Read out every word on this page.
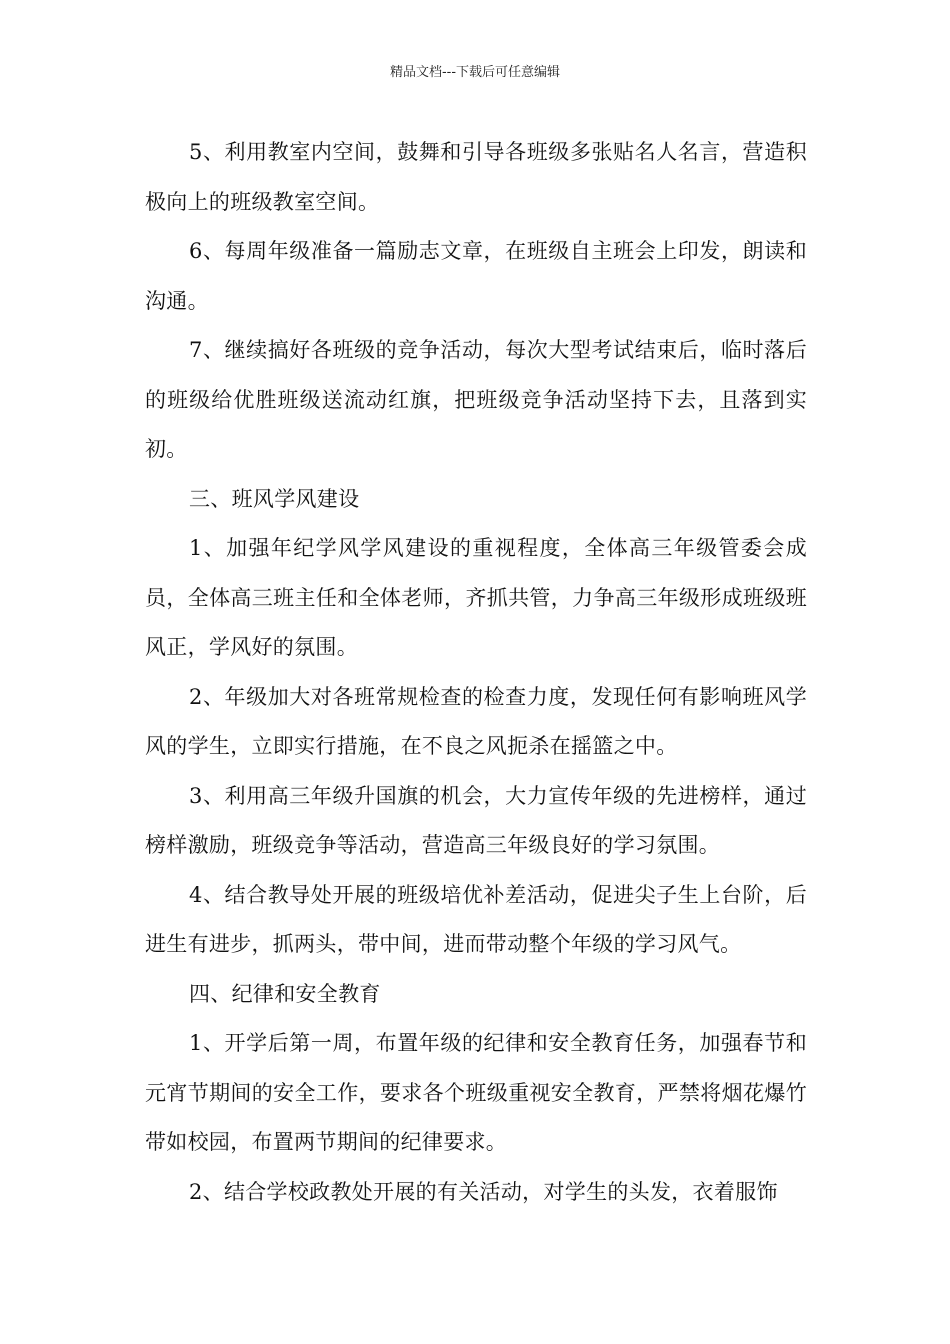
精品文档---下载后可任意编辑

5、利用教室内空间，鼓舞和引导各班级多张贴名人名言，营造积极向上的班级教室空间。

6、每周年级准备一篇励志文章，在班级自主班会上印发，朗读和沟通。

7、继续搞好各班级的竞争活动，每次大型考试结束后，临时落后的班级给优胜班级送流动红旗，把班级竞争活动坚持下去，且落到实初。

三、班风学风建设

1、加强年纪学风学风建设的重视程度，全体高三年级管委会成员，全体高三班主任和全体老师，齐抓共管，力争高三年级形成班级班风正，学风好的氛围。

2、年级加大对各班常规检查的检查力度，发现任何有影响班风学风的学生，立即实行措施，在不良之风扼杀在摇篮之中。

3、利用高三年级升国旗的机会，大力宣传年级的先进榜样，通过榜样激励，班级竞争等活动，营造高三年级良好的学习氛围。

4、结合教导处开展的班级培优补差活动，促进尖子生上台阶，后进生有进步，抓两头，带中间，进而带动整个年级的学习风气。

四、纪律和安全教育

1、开学后第一周，布置年级的纪律和安全教育任务，加强春节和元宵节期间的安全工作，要求各个班级重视安全教育，严禁将烟花爆竹带如校园，布置两节期间的纪律要求。

2、结合学校政教处开展的有关活动，对学生的头发，衣着服饰
